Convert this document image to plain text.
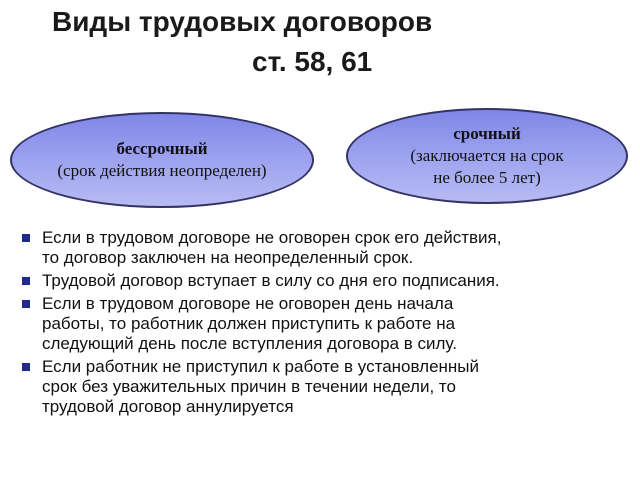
Виды трудовых договоров
ст. 58, 61
бессрочный
(срок действия неопределен)
срочный
(заключается на срок
не более 5 лет)
Если в трудовом договоре не оговорен срок его действия,
то договор заключен на неопределенный срок.
Трудовой договор вступает в силу со дня его подписания.
Если в трудовом договоре не оговорен день начала
работы, то работник должен приступить к работе на
следующий день после вступления договора в силу.
Если работник не приступил к работе в установленный
срок без уважительных причин в течении недели, то
трудовой договор аннулируется
